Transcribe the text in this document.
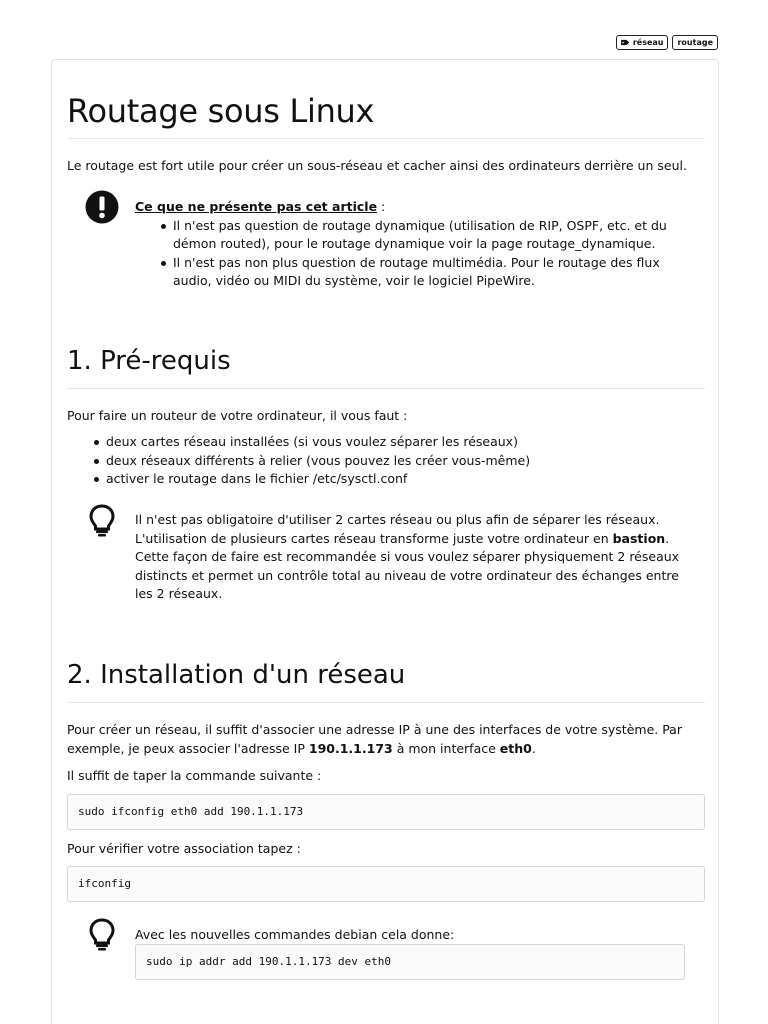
réseau routage
Routage sous Linux
Le routage est fort utile pour créer un sous-réseau et cacher ainsi des ordinateurs derrière un seul.
Ce que ne présente pas cet article :
Il n'est pas question de routage dynamique (utilisation de RIP, OSPF, etc. et du démon routed), pour le routage dynamique voir la page routage_dynamique.
Il n'est pas non plus question de routage multimédia. Pour le routage des flux audio, vidéo ou MIDI du système, voir le logiciel PipeWire.
1. Pré-requis
Pour faire un routeur de votre ordinateur, il vous faut :
deux cartes réseau installées (si vous voulez séparer les réseaux)
deux réseaux différents à relier (vous pouvez les créer vous-même)
activer le routage dans le fichier /etc/sysctl.conf
Il n'est pas obligatoire d'utiliser 2 cartes réseau ou plus afin de séparer les réseaux. L'utilisation de plusieurs cartes réseau transforme juste votre ordinateur en bastion. Cette façon de faire est recommandée si vous voulez séparer physiquement 2 réseaux distincts et permet un contrôle total au niveau de votre ordinateur des échanges entre les 2 réseaux.
2. Installation d'un réseau
Pour créer un réseau, il suffit d'associer une adresse IP à une des interfaces de votre système. Par exemple, je peux associer l'adresse IP 190.1.1.173 à mon interface eth0.
Il suffit de taper la commande suivante :
sudo ifconfig eth0 add 190.1.1.173
Pour vérifier votre association tapez :
ifconfig
Avec les nouvelles commandes debian cela donne:
sudo ip addr add 190.1.1.173 dev eth0
